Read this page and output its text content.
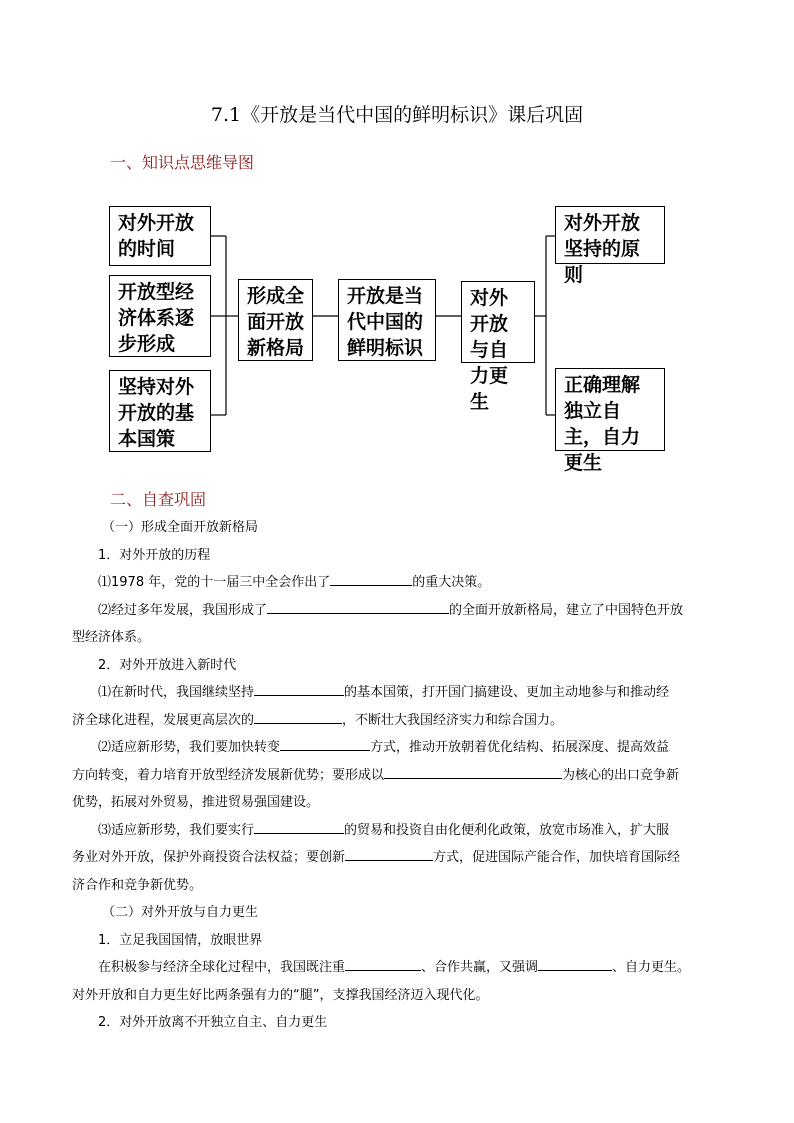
7.1《开放是当代中国的鲜明标识》课后巩固
一、知识点思维导图
对外开放的时间
开放型经济体系逐步形成
坚持对外开放的基本国策
形成全面开放新格局
开放是当代中国的鲜明标识
对外开放与自力更生
对外开放坚持的原则
正确理解独立自主，自力更生
二、自查巩固

（一）形成全面开放新格局

1．对外开放的历程

⑴1978 年，党的十一届三中全会作出了	的重大决策。

⑵经过多年发展，我国形成了	的全面开放新格局，建立了中国特色开放

型经济体系。

2．对外开放进入新时代

⑴在新时代，我国继续坚持	的基本国策，打开国门搞建设、更加主动地参与和推动经

济全球化进程，发展更高层次的	，不断壮大我国经济实力和综合国力。

⑵适应新形势，我们要加快转变	方式，推动开放朝着优化结构、拓展深度、提高效益

方向转变，着力培育开放型经济发展新优势；要形成以	为核心的出口竞争新

优势，拓展对外贸易，推进贸易强国建设。

⑶适应新形势，我们要实行	的贸易和投资自由化便利化政策，放宽市场准入，扩大服

务业对外开放，保护外商投资合法权益；要创新	方式，促进国际产能合作，加快培育国际经

济合作和竞争新优势。

（二）对外开放与自力更生

1．立足我国国情，放眼世界

在积极参与经济全球化过程中，我国既注重	、合作共赢，又强调	、自力更生。

对外开放和自力更生好比两条强有力的“腿”，支撑我国经济迈入现代化。

2．对外开放离不开独立自主、自力更生
